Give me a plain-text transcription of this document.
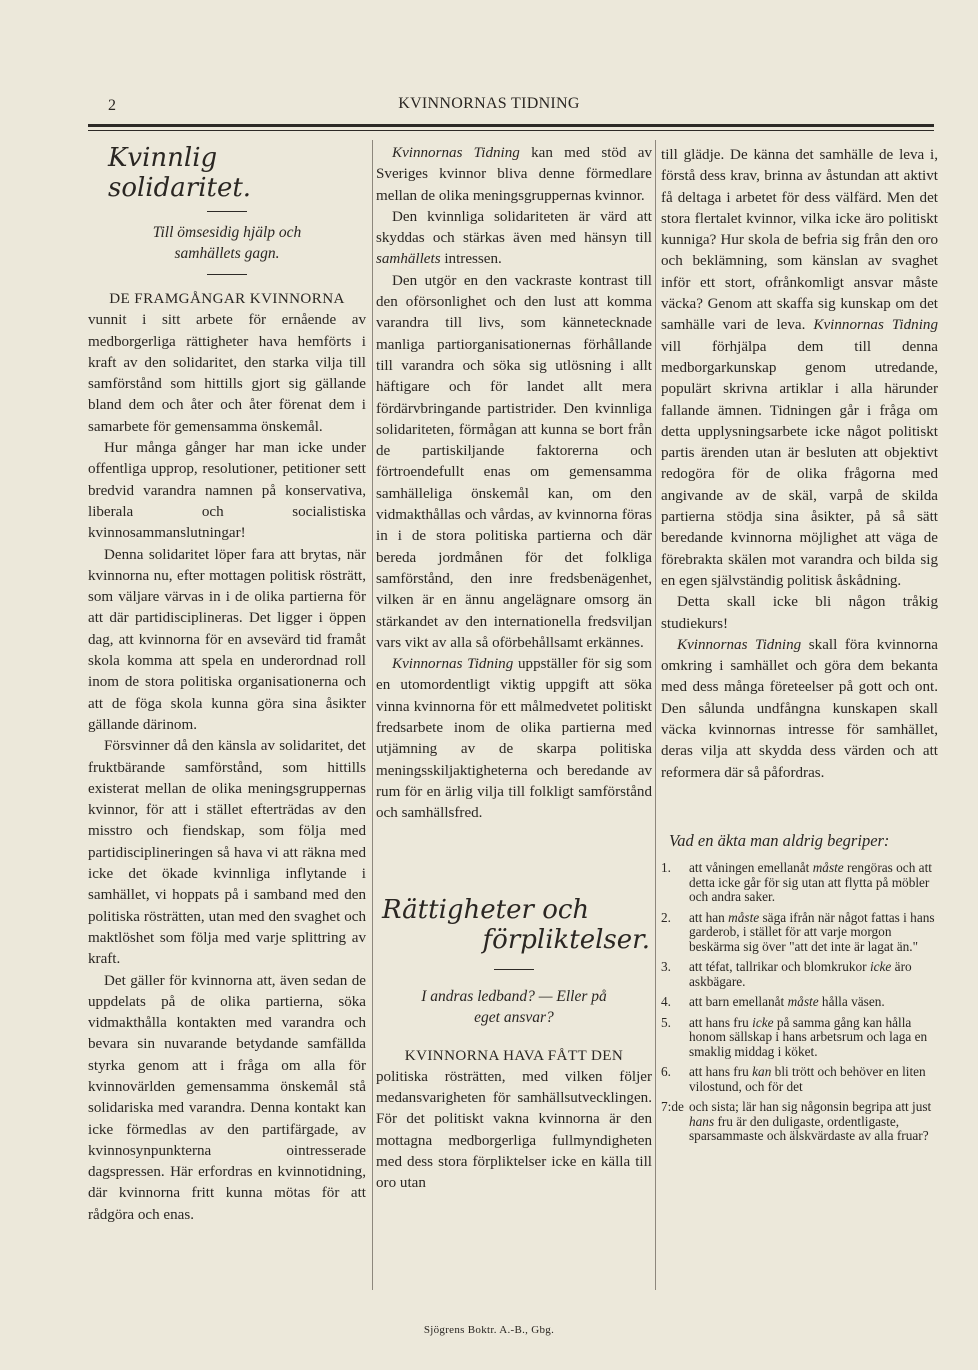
2	KVINNORNAS TIDNING
Kvinnlig solidaritet.
Till ömsesidig hjälp och
samhällets gagn.

DE FRAMGÅNGAR KVINNORNA
vunnit i sitt arbete för ernående av medborgerliga rättigheter hava hemförts i kraft av den solidaritet, den starka vilja till samförstånd som hittills gjort sig gällande bland dem och åter och åter förenat dem i samarbete för gemensamma önskemål.

Hur många gånger har man icke under offentliga upprop, resolutioner, petitioner sett bredvid varandra namnen på konservativa, liberala och socialistiska kvinnosammanslutningar!

Denna solidaritet löper fara att brytas, när kvinnorna nu, efter mottagen politisk rösträtt, som väljare värvas in i de olika partierna för att där partidisciplineras. Det ligger i öppen dag, att kvinnorna för en avsevärd tid framåt skola komma att spela en underordnad roll inom de stora politiska organisationerna och att de föga skola kunna göra sina åsikter gällande därinom.

Försvinner då den känsla av solidaritet, det fruktbärande samförstånd, som hittills existerat mellan de olika meningsgruppernas kvinnor, för att i stället efterträdas av den misstro och fiendskap, som följa med partidisciplineringen så hava vi att räkna med icke det ökade kvinnliga inflytande i samhället, vi hoppats på i samband med den politiska rösträtten, utan med den svaghet och maktlöshet som följa med varje splittring av kraft.

Det gäller för kvinnorna att, även sedan de uppdelats på de olika partierna, söka vidmakthålla kontakten med varandra och bevara sin nuvarande betydande samfällda styrka genom att i fråga om alla för kvinnovärlden gemensamma önskemål stå solidariska med varandra. Denna kontakt kan icke förmedlas av den partifärgade, av kvinnosynpunkterna ointresserade dagspressen. Här erfordras en kvinnotidning, där kvinnorna fritt kunna mötas för att rådgöra och enas.

Kvinnornas Tidning kan med stöd av Sveriges kvinnor bliva denne förmedlare mellan de olika meningsgruppernas kvinnor.

Den kvinnliga solidariteten är värd att skyddas och stärkas även med hänsyn till samhällets intressen.

Den utgör en den vackraste kontrast till den oförsonlighet och den lust att komma varandra till livs, som kännetecknade manliga partiorganisationernas förhållande till varandra och söka sig utlösning i allt häftigare och för landet allt mera fördärvbringande partistrider. Den kvinnliga solidariteten, förmågan att kunna se bort från de partiskiljande faktorerna och förtroendefullt enas om gemensamma samhälleliga önskemål kan, om den vidmakthållas och vårdas, av kvinnorna föras in i de stora politiska partierna och där bereda jordmånen för det folkliga samförstånd, den inre fredsbenägenhet, vilken är en ännu angelägnare omsorg än stärkandet av den internationella fredsviljan vars vikt av alla så oförbehållsamt erkännes.

Kvinnornas Tidning uppställer för sig som en utomordentligt viktig uppgift att söka vinna kvinnorna för ett målmedvetet politiskt fredsarbete inom de olika partierna med utjämning av de skarpa politiska meningsskiljaktigheterna och beredande av rum för en ärlig vilja till folkligt samförstånd och samhällsfred.

Rättigheter och
förpliktelser.
I andras ledband? — Eller på
eget ansvar?

KVINNORNA HAVA FÅTT DEN
politiska rösträtten, med vilken följer medansvarigheten för samhällsutvecklingen. För det politiskt vakna kvinnorna är den mottagna medborgerliga fullmyndigheten med dess stora förpliktelser icke en källa till oro utan

till glädje. De känna det samhälle de leva i, förstå dess krav, brinna av åstundan att aktivt få deltaga i arbetet för dess välfärd. Men det stora flertalet kvinnor, vilka icke äro politiskt kunniga? Hur skola de befria sig från den oro och beklämning, som känslan av svaghet inför ett stort, ofrånkomligt ansvar måste väcka? Genom att skaffa sig kunskap om det samhälle vari de leva. Kvinnornas Tidning vill förhjälpa dem till denna medborgarkunskap genom utredande, populärt skrivna artiklar i alla härunder fallande ämnen. Tidningen går i fråga om detta upplysningsarbete icke något politiskt partis ärenden utan är besluten att objektivt redogöra för de olika frågorna med angivande av de skäl, varpå de skilda partierna stödja sina åsikter, på så sätt beredande kvinnorna möjlighet att väga de förebrakta skälen mot varandra och bilda sig en egen självständig politisk åskådning.

Detta skall icke bli någon tråkig studiekurs!

Kvinnornas Tidning skall föra kvinnorna omkring i samhället och göra dem bekanta med dess många företeelser på gott och ont. Den sålunda undfångna kunskapen skall väcka kvinnornas intresse för samhället, deras vilja att skydda dess värden och att reformera där så påfordras.

Vad en äkta man aldrig begriper:
1.	att våningen emellanåt måste rengöras och att detta icke går för sig utan att flytta på möbler och andra saker.
2.	att han måste säga ifrån när något fattas i hans garderob, i stället för att varje morgon beskärma sig över "att det inte är lagat än."
3.	att téfat, tallrikar och blomkrukor icke äro askbägare.
4.	att barn emellanåt måste hålla väsen.
5.	att hans fru icke på samma gång kan hålla honom sällskap i hans arbetsrum och laga en smaklig middag i köket.
6.	att hans fru kan bli trött och behöver en liten vilostund, och för det
7:de och sista; lär han sig någonsin begripa att just hans fru är den duligaste, ordentligaste, sparsammaste och älskvärdaste av alla fruar?
Sjögrens Boktr. A.-B., Gbg.
